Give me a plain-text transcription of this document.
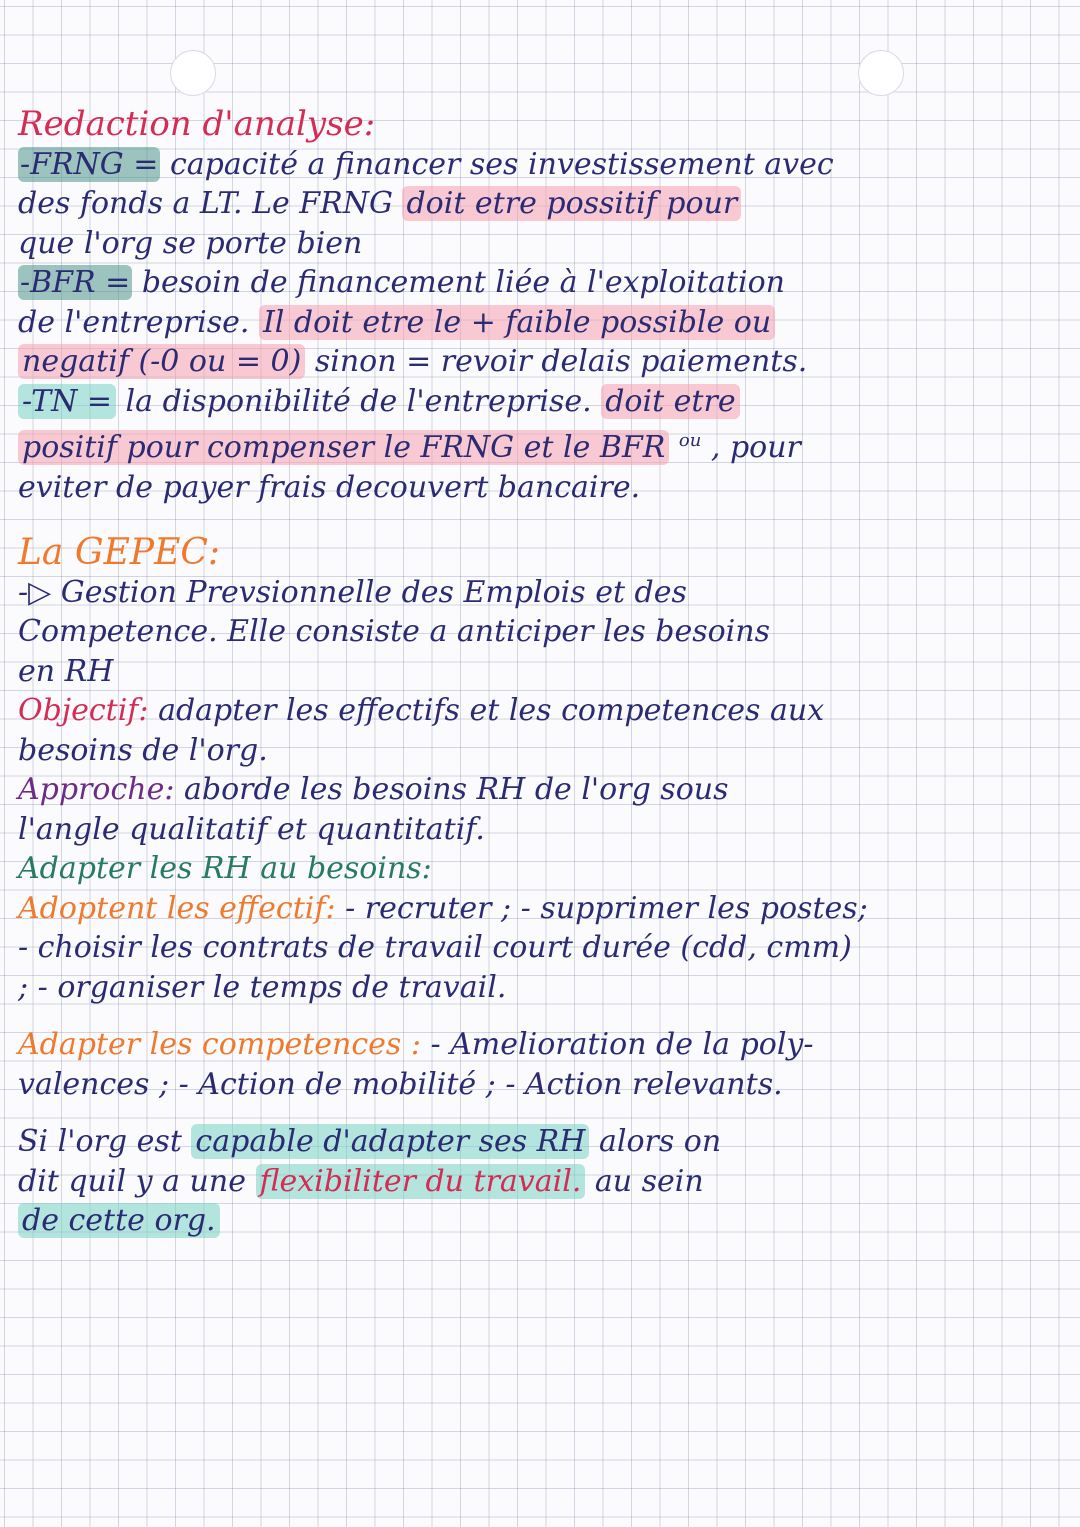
Redaction d'analyse:
-FRNG = capacité a financer ses investissement avec
des fonds a LT. Le FRNG doit etre possitif pour
que l'org se porte bien
-BFR = besoin de financement liée à l'exploitation
de l'entreprise. Il doit etre le + faible possible ou
negatif (-0 ou = 0) sinon = revoir delais paiements.
-TN = la disponibilité de l'entreprise. doit etre
positif pour compenser le FRNG et le BFR $^{ou}$ , pour
eviter de payer frais decouvert bancaire.
La GEPEC:
-▷ Gestion Prevsionnelle des Emplois et des
Competence. Elle consiste a anticiper les besoins
en RH
Objectif: adapter les effectifs et les competences aux
besoins de l'org.
Approche: aborde les besoins RH de l'org sous
l'angle qualitatif et quantitatif.
Adapter les RH au besoins:
Adoptent les effectif: - recruter ; - supprimer les postes;
- choisir les contrats de travail court durée (cdd, cтт)
; - organiser le temps de travail.
Adapter les competences : - Amelioration de la poly-
valences ; - Action de mobilité ; - Action relevants.
Si l'org est capable d'adapter ses RH alors on
dit quil y a une flexibiliter du travail. au sein
de cette org.
